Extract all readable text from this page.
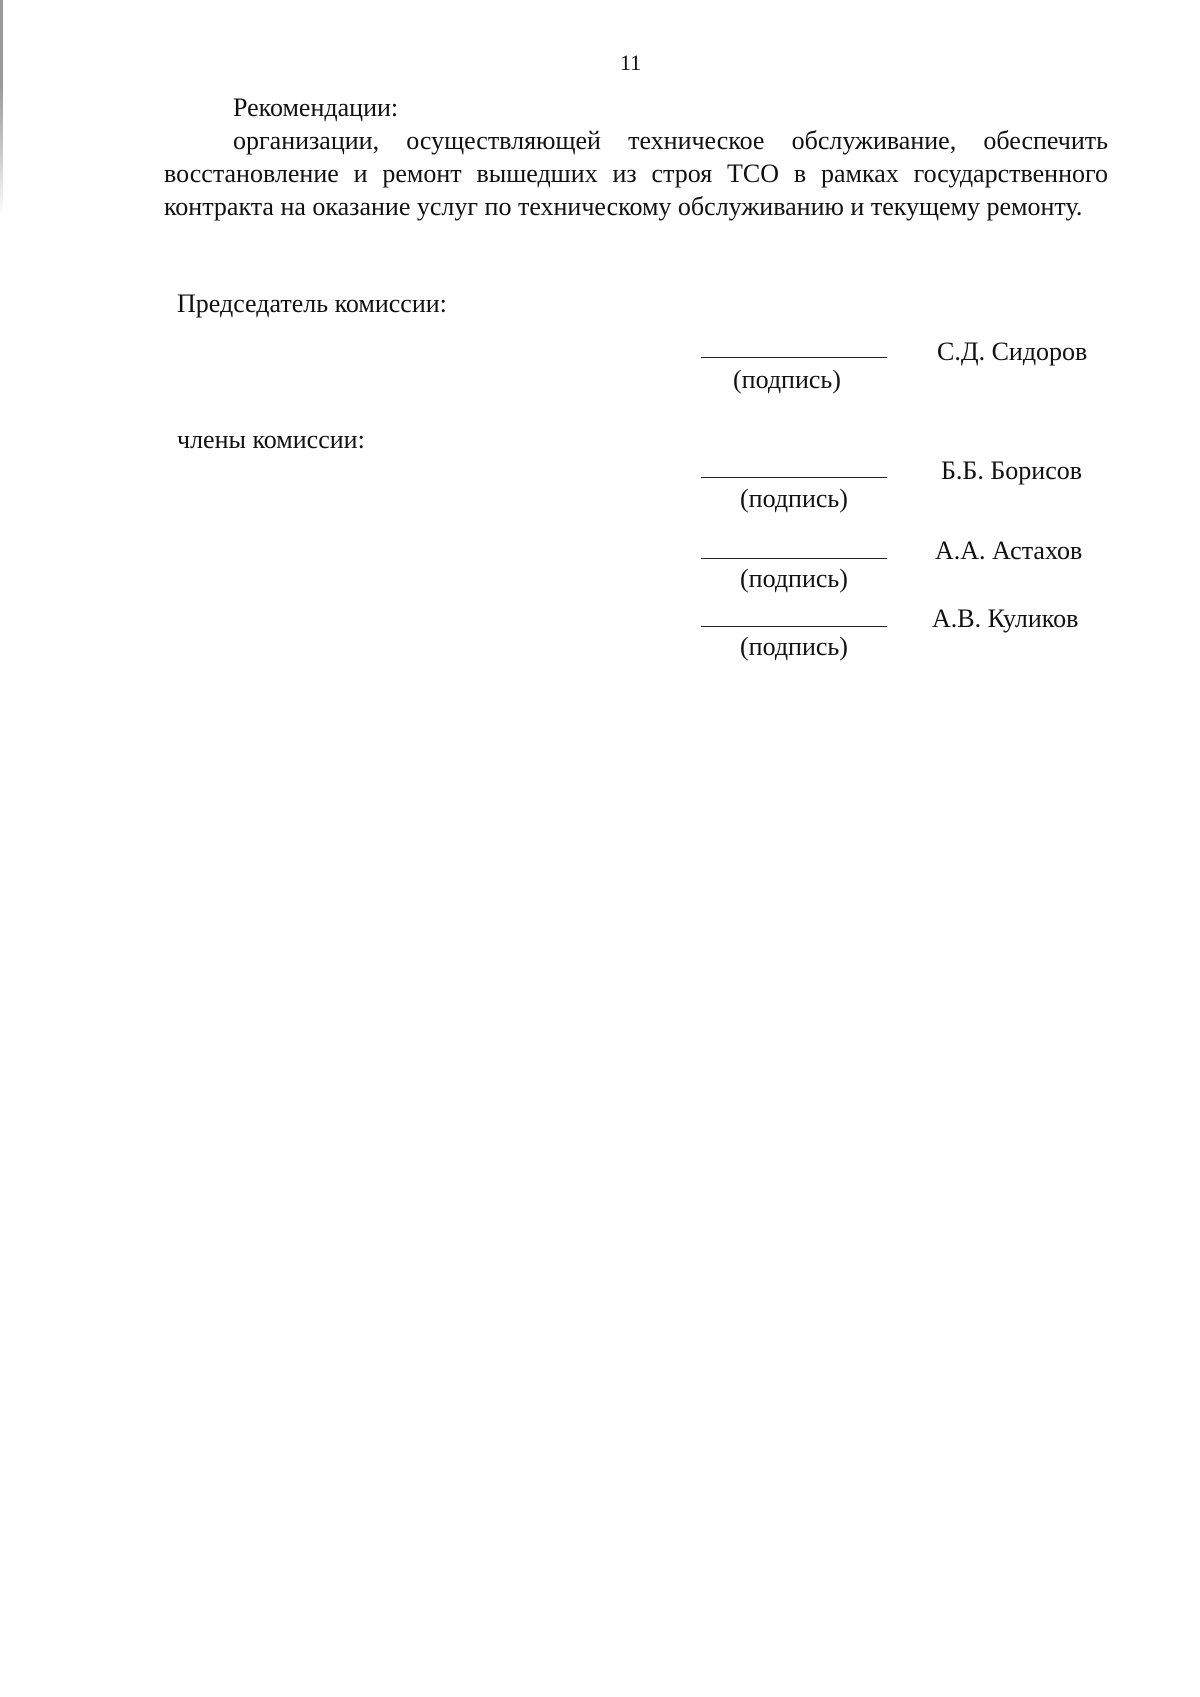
11
Рекомендации:

организации, осуществляющей техническое обслуживание, обеспечить восстановление и ремонт вышедших из строя ТСО в рамках государственного контракта на оказание услуг по техническому обслуживанию и текущему ремонту.

Председатель комиссии:
(подпись)
С.Д. Сидоров
члены комиссии:
(подпись)
Б.Б. Борисов
(подпись)
А.А. Астахов
(подпись)
А.В. Куликов
